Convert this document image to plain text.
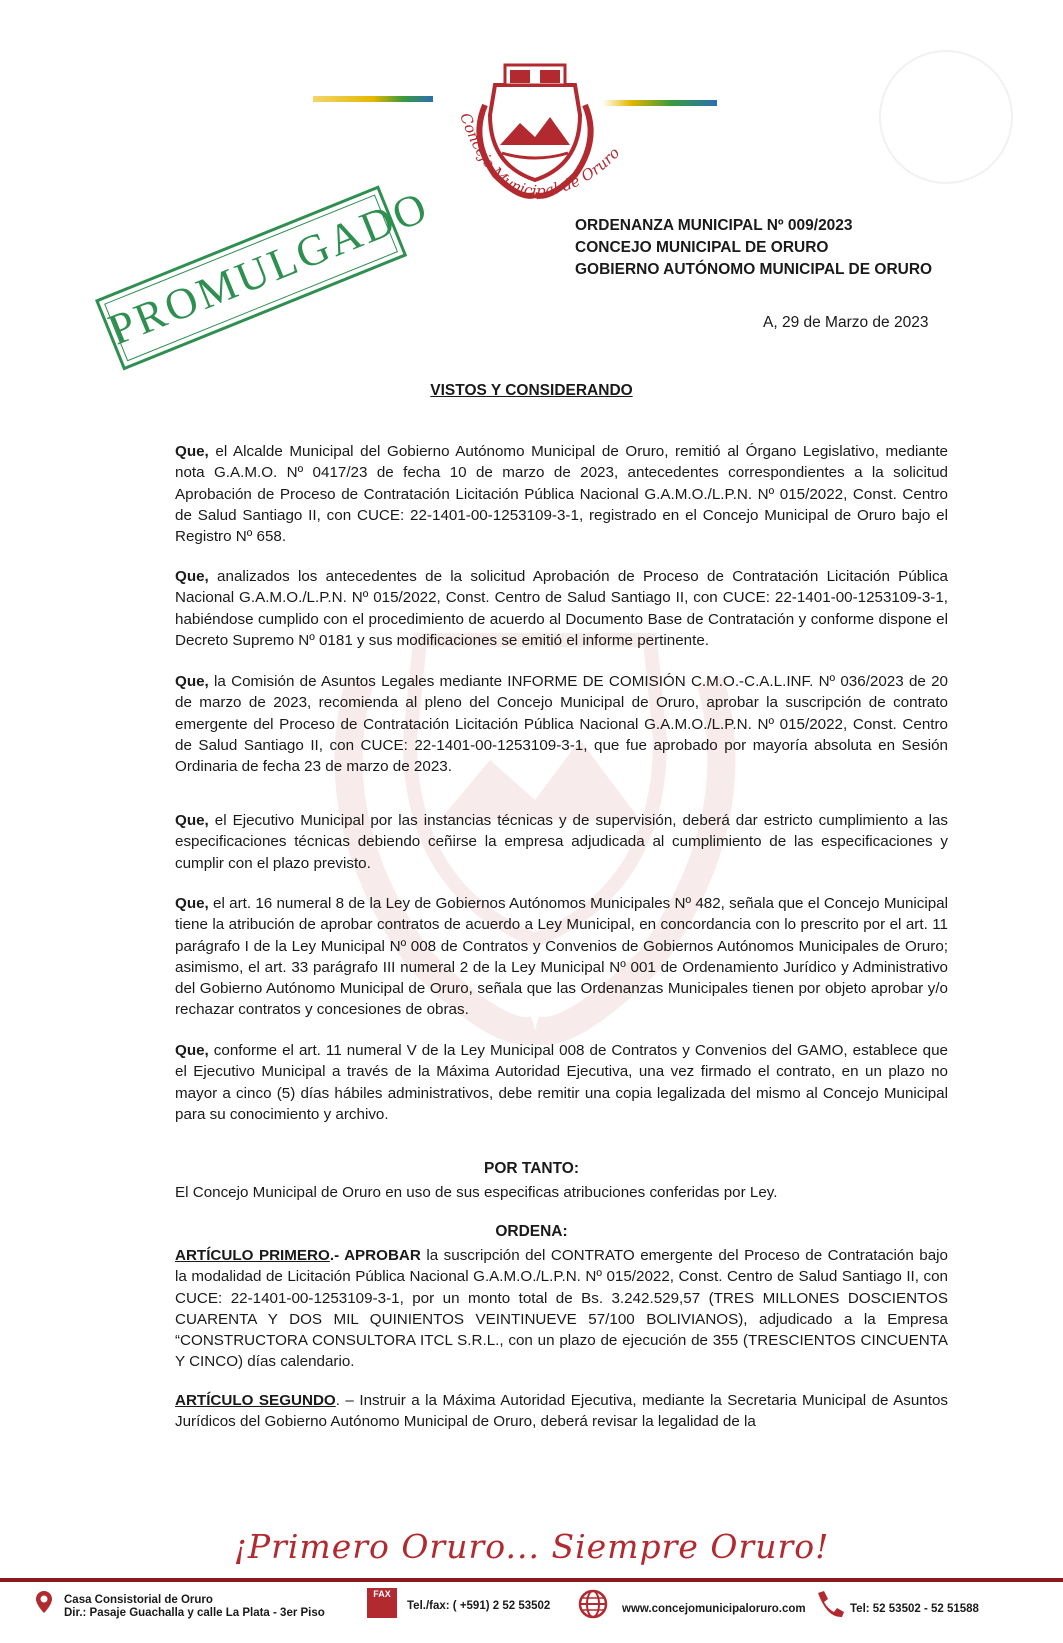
Concejo Municipal de Oruro
PROMULGADO	ORDENANZA MUNICIPAL Nº 009/2023
CONCEJO MUNICIPAL DE ORURO
GOBIERNO AUTÓNOMO MUNICIPAL DE ORURO
A, 29 de Marzo de 2023
VISTOS Y CONSIDERANDO

Que, el Alcalde Municipal del Gobierno Autónomo Municipal de Oruro, remitió al Órgano Legislativo, mediante nota G.A.M.O. Nº 0417/23 de fecha 10 de marzo de 2023, antecedentes correspondientes a la solicitud Aprobación de Proceso de Contratación Licitación Pública Nacional G.A.M.O./L.P.N. Nº 015/2022, Const. Centro de Salud Santiago II, con CUCE: 22-1401-00-1253109-3-1, registrado en el Concejo Municipal de Oruro bajo el Registro Nº 658.

Que, analizados los antecedentes de la solicitud Aprobación de Proceso de Contratación Licitación Pública Nacional G.A.M.O./L.P.N. Nº 015/2022, Const. Centro de Salud Santiago II, con CUCE: 22-1401-00-1253109-3-1, habiéndose cumplido con el procedimiento de acuerdo al Documento Base de Contratación y conforme dispone el Decreto Supremo Nº 0181 y sus modificaciones se emitió el informe pertinente.

Que, la Comisión de Asuntos Legales mediante INFORME DE COMISIÓN C.M.O.-C.A.L.INF. Nº 036/2023 de 20 de marzo de 2023, recomienda al pleno del Concejo Municipal de Oruro, aprobar la suscripción de contrato emergente del Proceso de Contratación Licitación Pública Nacional G.A.M.O./L.P.N. Nº 015/2022, Const. Centro de Salud Santiago II, con CUCE: 22-1401-00-1253109-3-1, que fue aprobado por mayoría absoluta en Sesión Ordinaria de fecha 23 de marzo de 2023.

Que, el Ejecutivo Municipal por las instancias técnicas y de supervisión, deberá dar estricto cumplimiento a las especificaciones técnicas debiendo ceñirse la empresa adjudicada al cumplimiento de las especificaciones y cumplir con el plazo previsto.

Que, el art. 16 numeral 8 de la Ley de Gobiernos Autónomos Municipales Nº 482, señala que el Concejo Municipal tiene la atribución de aprobar contratos de acuerdo a Ley Municipal, en concordancia con lo prescrito por el art. 11 parágrafo I de la Ley Municipal Nº 008 de Contratos y Convenios de Gobiernos Autónomos Municipales de Oruro; asimismo, el art. 33 parágrafo III numeral 2 de la Ley Municipal Nº 001 de Ordenamiento Jurídico y Administrativo del Gobierno Autónomo Municipal de Oruro, señala que las Ordenanzas Municipales tienen por objeto aprobar y/o rechazar contratos y concesiones de obras.

Que, conforme el art. 11 numeral V de la Ley Municipal 008 de Contratos y Convenios del GAMO, establece que el Ejecutivo Municipal a través de la Máxima Autoridad Ejecutiva, una vez firmado el contrato, en un plazo no mayor a cinco (5) días hábiles administrativos, debe remitir una copia legalizada del mismo al Concejo Municipal para su conocimiento y archivo.

POR TANTO:
El Concejo Municipal de Oruro en uso de sus especificas atribuciones conferidas por Ley.
ORDENA:

ARTÍCULO PRIMERO.- APROBAR la suscripción del CONTRATO emergente del Proceso de Contratación bajo la modalidad de Licitación Pública Nacional G.A.M.O./L.P.N. Nº 015/2022, Const. Centro de Salud Santiago II, con CUCE: 22-1401-00-1253109-3-1, por un monto total de Bs. 3.242.529,57 (TRES MILLONES DOSCIENTOS CUARENTA Y DOS MIL QUINIENTOS VEINTINUEVE 57/100 BOLIVIANOS), adjudicado a la Empresa “CONSTRUCTORA CONSULTORA ITCL S.R.L., con un plazo de ejecución de 355 (TRESCIENTOS CINCUENTA Y CINCO) días calendario.

ARTÍCULO SEGUNDO. – Instruir a la Máxima Autoridad Ejecutiva, mediante la Secretaria Municipal de Asuntos Jurídicos del Gobierno Autónomo Municipal de Oruro, deberá revisar la legalidad de la

¡Primero Oruro... Siempre Oruro!
Casa Consistorial de Oruro
Dir.: Pasaje Guachalla y calle La Plata - 3er Piso
FAX
Tel./fax: ( +591) 2 52 53502	www.concejomunicipaloruro.com	Tel: 52 53502 - 52 51588
